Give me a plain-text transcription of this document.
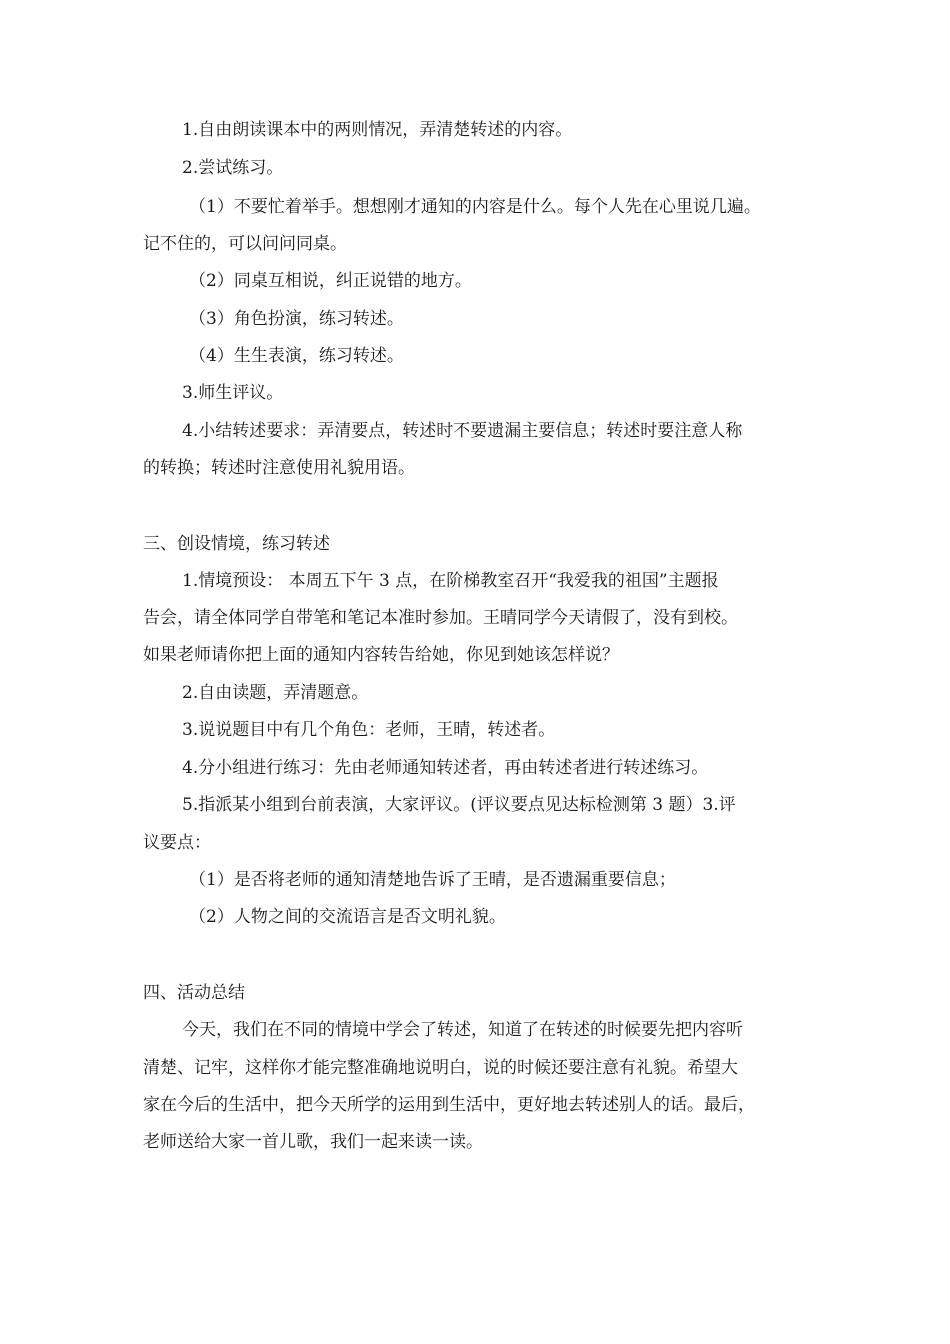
1.自由朗读课本中的两则情况，弄清楚转述的内容。
2.尝试练习。
（1）不要忙着举手。想想刚才通知的内容是什么。每个人先在心里说几遍。
记不住的，可以问问同桌。
（2）同桌互相说，纠正说错的地方。
（3）角色扮演，练习转述。
（4）生生表演，练习转述。
3.师生评议。
4.小结转述要求：弄清要点，转述时不要遗漏主要信息；转述时要注意人称
的转换；转述时注意使用礼貌用语。
三、创设情境，练习转述
1.情境预设： 本周五下午 3 点，在阶梯教室召开“我爱我的祖国”主题报
告会，请全体同学自带笔和笔记本准时参加。王晴同学今天请假了，没有到校。
如果老师请你把上面的通知内容转告给她，你见到她该怎样说？
2.自由读题，弄清题意。
3.说说题目中有几个角色：老师，王晴，转述者。
4.分小组进行练习：先由老师通知转述者，再由转述者进行转述练习。
5.指派某小组到台前表演，大家评议。(评议要点见达标检测第 3 题）3.评
议要点：
（1）是否将老师的通知清楚地告诉了王晴，是否遗漏重要信息；
（2）人物之间的交流语言是否文明礼貌。
四、活动总结
今天，我们在不同的情境中学会了转述，知道了在转述的时候要先把内容听
清楚、记牢，这样你才能完整准确地说明白，说的时候还要注意有礼貌。希望大
家在今后的生活中，把今天所学的运用到生活中，更好地去转述别人的话。最后，
老师送给大家一首儿歌，我们一起来读一读。
